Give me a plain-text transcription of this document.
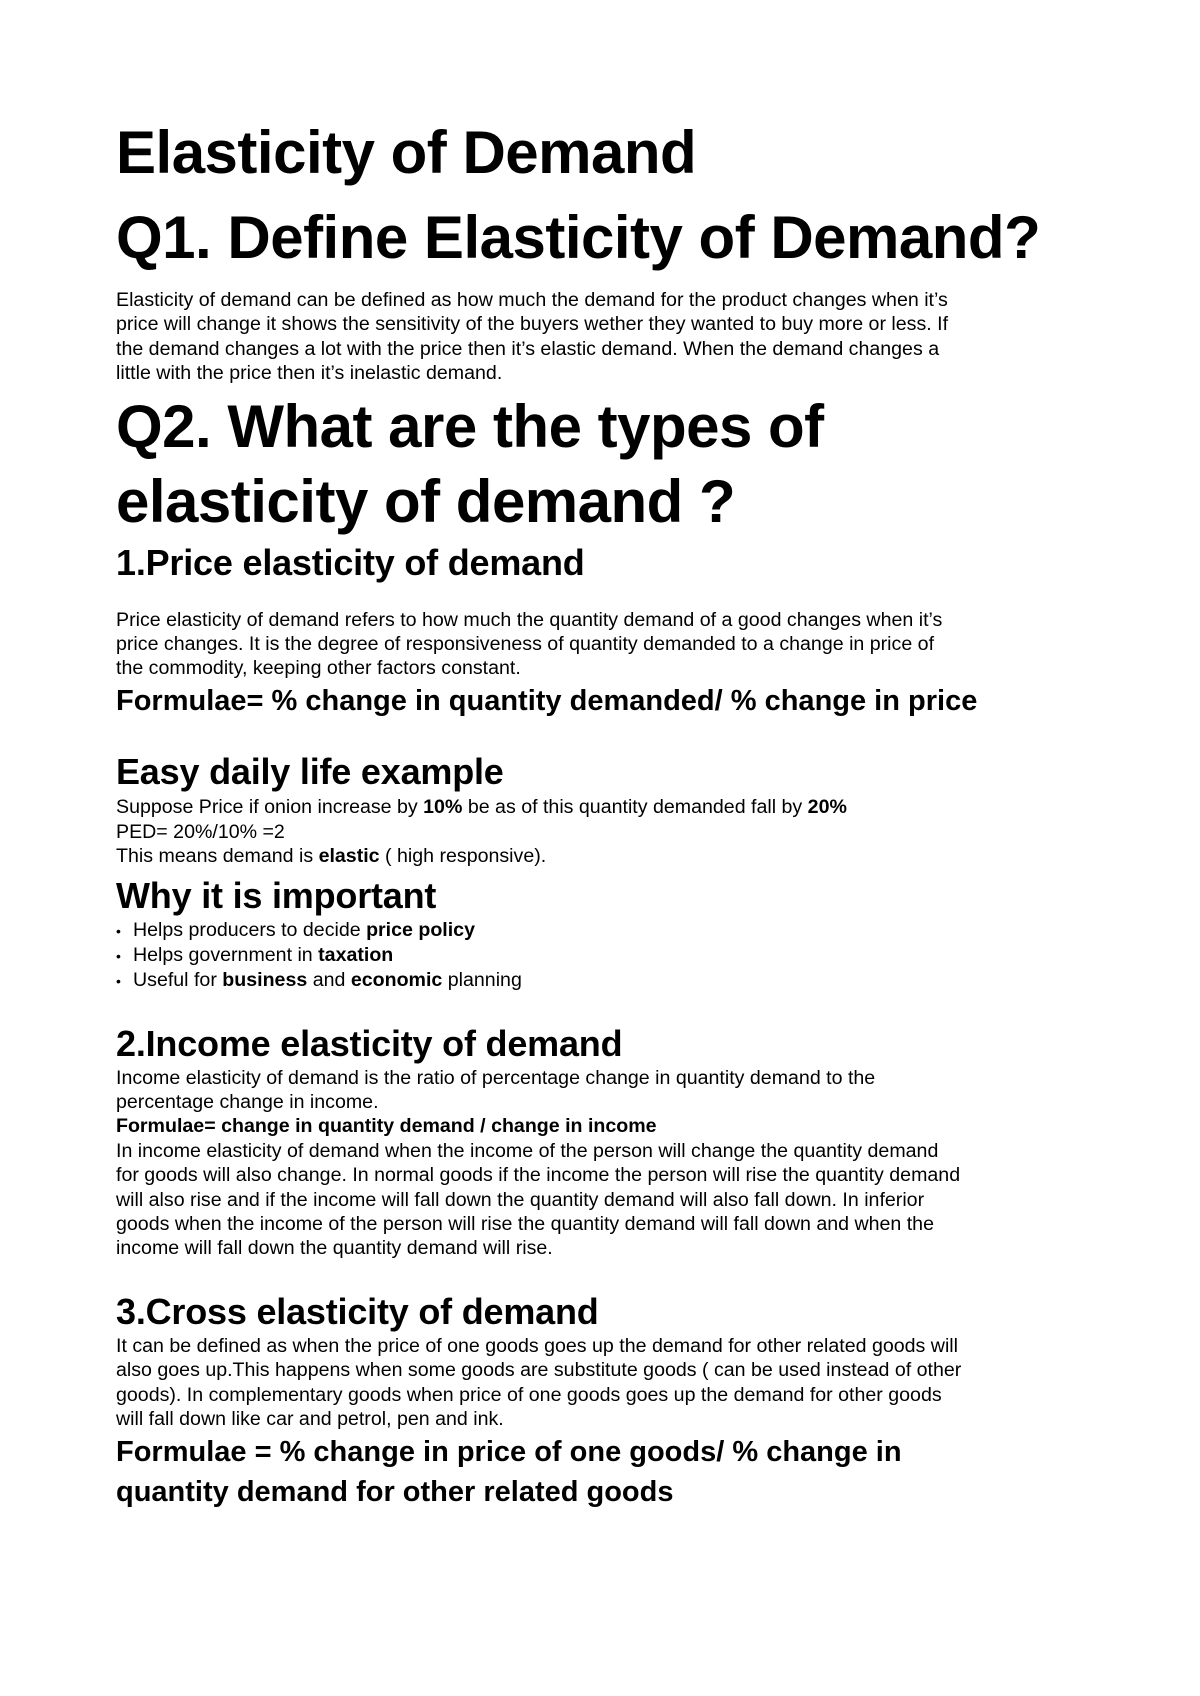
Elasticity of Demand
Q1. Define Elasticity of Demand?
Elasticity of demand can be defined as how much the demand for the product changes when it’s
price will change it shows the sensitivity of the buyers wether they wanted to buy more or less. If
the demand changes a lot with the price then it’s elastic demand. When the demand changes a
little with the price then it’s inelastic demand.
Q2. What are the types of
elasticity of demand ?
1.Price elasticity of demand
Price elasticity of demand refers to how much the quantity demand of a good changes when it’s
price changes. It is the degree of responsiveness of quantity demanded to a change in price of
the commodity, keeping other factors constant.
Formulae= % change in quantity demanded/ % change in price
Easy daily life example
Suppose Price if onion increase by 10% be as of this quantity demanded fall by 20%
PED= 20%/10% =2
This means demand is elastic ( high responsive).
Why it is important
• Helps producers to decide price policy
• Helps government in taxation
• Useful for business and economic planning
2.Income elasticity of demand
Income elasticity of demand is the ratio of percentage change in quantity demand to the
percentage change in income.
Formulae= change in quantity demand / change in income
In income elasticity of demand when the income of the person will change the quantity demand
for goods will also change. In normal goods if the income the person will rise the quantity demand
will also rise and if the income will fall down the quantity demand will also fall down. In inferior
goods when the income of the person will rise the quantity demand will fall down and when the
income will fall down the quantity demand will rise.
3.Cross elasticity of demand
It can be defined as when the price of one goods goes up the demand for other related goods will
also goes up.This happens when some goods are substitute goods ( can be used instead of other
goods). In complementary goods when price of one goods goes up the demand for other goods
will fall down like car and petrol, pen and ink.
Formulae = % change in price of one goods/ % change in
quantity demand for other related goods
